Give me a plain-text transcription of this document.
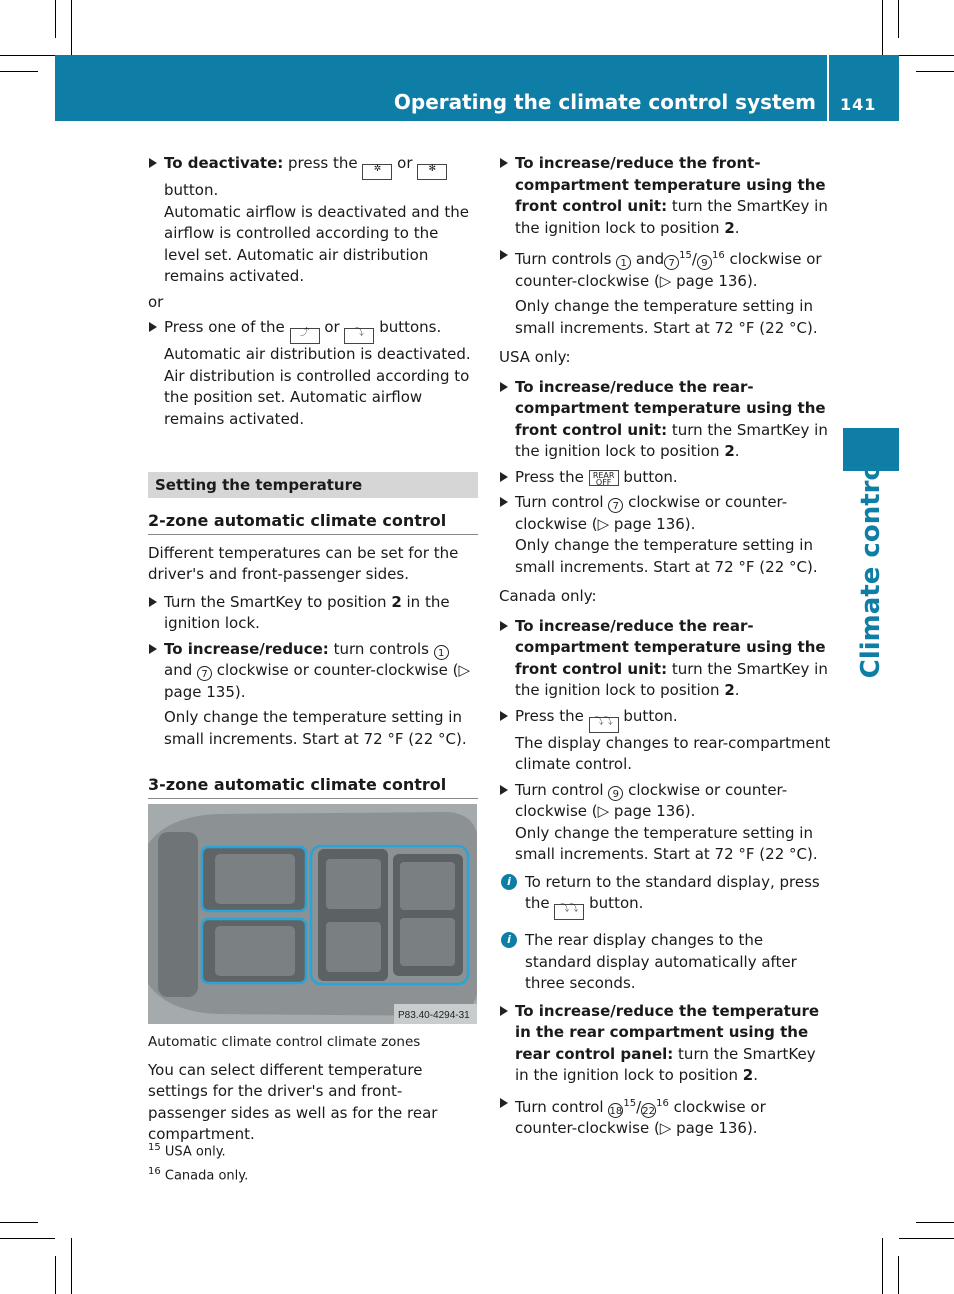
Operating the climate control system 141
Climate control

To deactivate: press the ✲ or ✻ button.

Automatic airflow is deactivated and the airflow is controlled according to the level set. Automatic air distribution remains activated.

or

Press one of the ⤴ or ⤵ buttons.

Automatic air distribution is deactivated. Air distribution is controlled according to the position set. Automatic airflow remains activated.

Setting the temperature
2-zone automatic climate control

Different temperatures can be set for the driver's and front-passenger sides.

Turn the SmartKey to position 2 in the ignition lock.

To increase/reduce: turn controls 1 and 7 clockwise or counter-clockwise (▷ page 135).

Only change the temperature setting in small increments. Start at 72 °F (22 °C).

3-zone automatic climate control
P83.40-4294-31

Automatic climate control climate zones

You can select different temperature settings for the driver's and front-passenger sides as well as for the rear compartment.

$^{15}$ USA only.
$^{16}$ Canada only.

To increase/reduce the front-compartment temperature using the front control unit: turn the SmartKey in the ignition lock to position 2.

Turn controls 1 and $7^{15}/$ $9^{16}$ clockwise or counter-clockwise (▷ page 136).

Only change the temperature setting in small increments. Start at 72 °F (22 °C).

USA only:

To increase/reduce the rear-compartment temperature using the front control unit: turn the SmartKey in the ignition lock to position 2.

Press the REAR
OFF button.

Turn control 7 clockwise or counter-clockwise (▷ page 136).

Only change the temperature setting in small increments. Start at 72 °F (22 °C).

Canada only:

To increase/reduce the rear-compartment temperature using the front control unit: turn the SmartKey in the ignition lock to position 2.

Press the ⤵⤵ button.

The display changes to rear-compartment climate control.

Turn control 9 clockwise or counter-clockwise (▷ page 136).

Only change the temperature setting in small increments. Start at 72 °F (22 °C).

i To return to the standard display, press the ⤵⤵ button.
i The rear display changes to the standard display automatically after three seconds.

To increase/reduce the temperature in the rear compartment using the rear control panel: turn the SmartKey in the ignition lock to position 2.

Turn control $18^{15}/22^{16}$ clockwise or counter-clockwise (▷ page 136).
